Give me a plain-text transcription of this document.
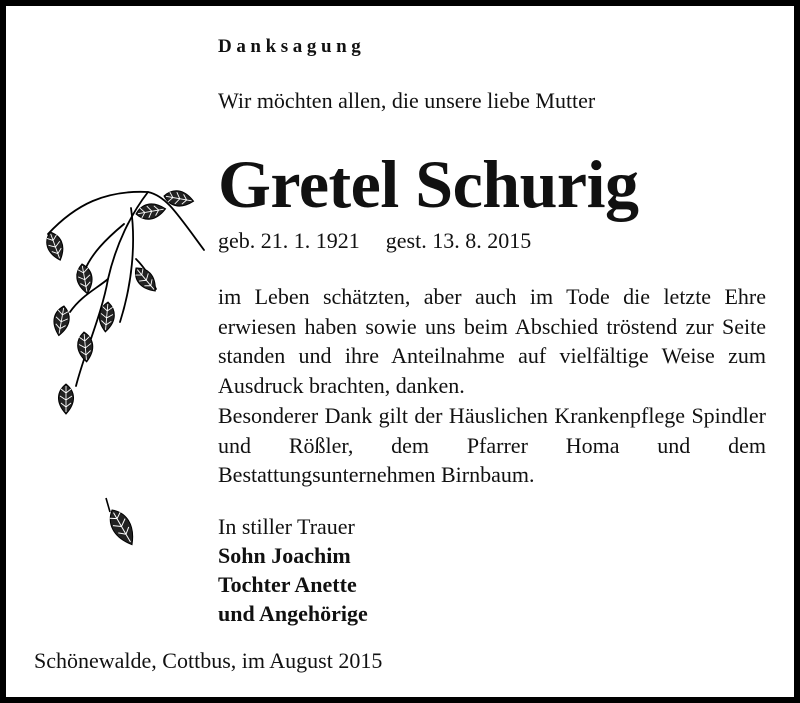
Danksagung
Wir möchten allen, die unsere liebe Mutter
Gretel Schurig
geb. 21. 1. 1921 gest. 13. 8. 2015

im Leben schätzten, aber auch im Tode die letzte Ehre erwiesen haben sowie uns beim Abschied tröstend zur Seite standen und ihre Anteilnahme auf vielfältige Weise zum Ausdruck brachten, danken.

Besonderer Dank gilt der Häuslichen Krankenpflege Spindler und Rößler, dem Pfarrer Homa und dem Bestattungsunternehmen Birnbaum.

In stiller Trauer
Sohn Joachim
Tochter Anette
und Angehörige
Schönewalde, Cottbus, im August 2015
